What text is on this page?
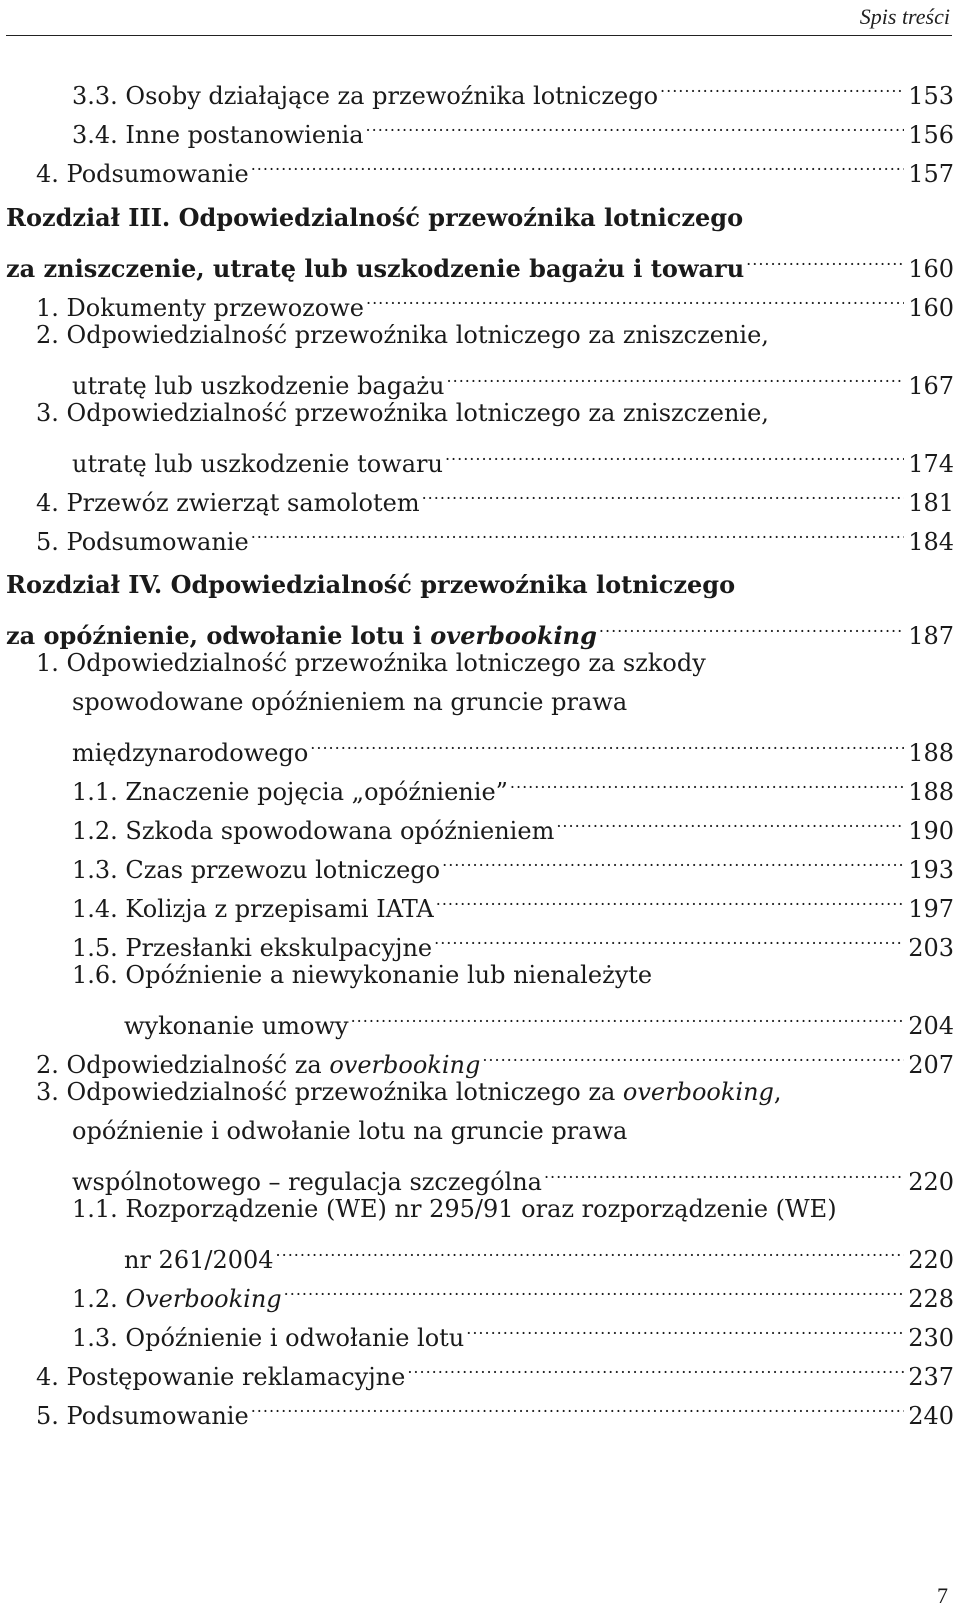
Spis treści
3.3. Osoby działające za przewoźnika lotniczego .....	153
3.4. Inne postanowienia .....	156
4. Podsumowanie .....	157
Rozdział III. Odpowiedzialność przewoźnika lotniczego
za zniszczenie, utratę lub uszkodzenie bagażu i towaru .....	160
1. Dokumenty przewozowe .....	160
2. Odpowiedzialność przewoźnika lotniczego za zniszczenie,
utratę lub uszkodzenie bagażu .....	167
3. Odpowiedzialność przewoźnika lotniczego za zniszczenie,
utratę lub uszkodzenie towaru .....	174
4. Przewóz zwierząt samolotem .....	181
5. Podsumowanie .....	184
Rozdział IV. Odpowiedzialność przewoźnika lotniczego
za opóźnienie, odwołanie lotu i overbooking .....	187
1. Odpowiedzialność przewoźnika lotniczego za szkody
spowodowane opóźnieniem na gruncie prawa
międzynarodowego .....	188
1.1. Znaczenie pojęcia „opóźnienie” .....	188
1.2. Szkoda spowodowana opóźnieniem .....	190
1.3. Czas przewozu lotniczego .....	193
1.4. Kolizja z przepisami IATA .....	197
1.5. Przesłanki ekskulpacyjne .....	203
1.6. Opóźnienie a niewykonanie lub nienależyte
wykonanie umowy .....	204
2. Odpowiedzialność za overbooking .....	207
3. Odpowiedzialność przewoźnika lotniczego za overbooking,
opóźnienie i odwołanie lotu na gruncie prawa
wspólnotowego – regulacja szczególna .....	220
1.1. Rozporządzenie (WE) nr 295/91 oraz rozporządzenie (WE)
nr 261/2004 .....	220
1.2. Overbooking .....	228
1.3. Opóźnienie i odwołanie lotu .....	230
4. Postępowanie reklamacyjne .....	237
5. Podsumowanie .....	240
7
